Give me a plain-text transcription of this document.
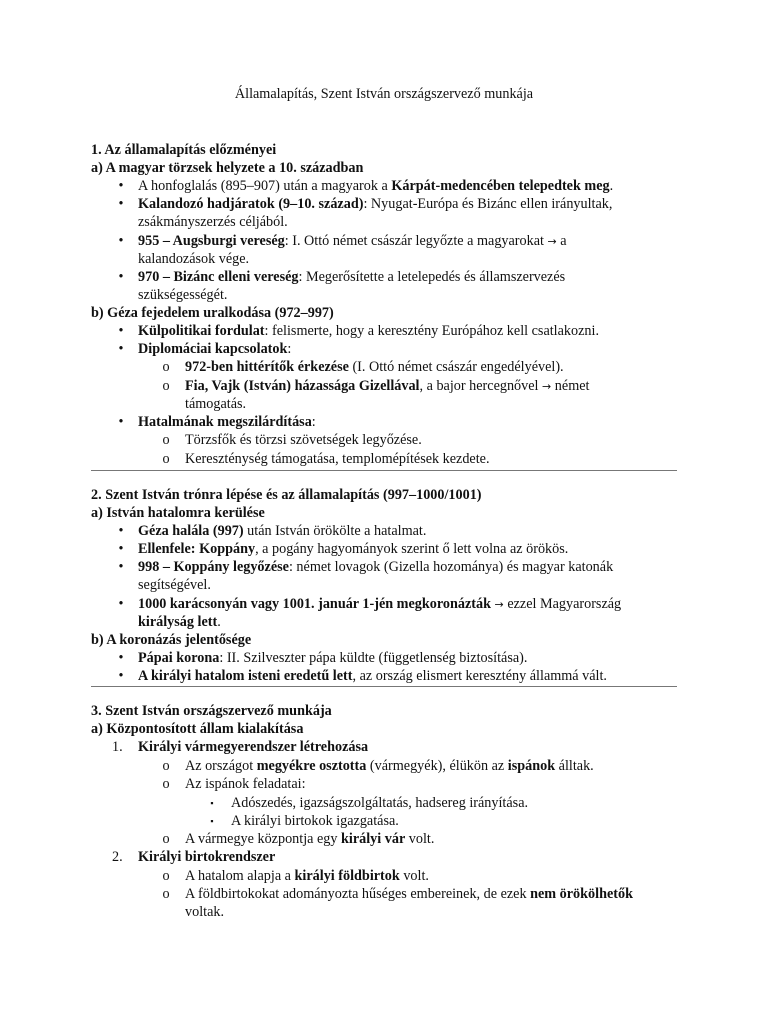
Államalapítás, Szent István országszervező munkája
1. Az államalapítás előzményei
a) A magyar törzsek helyzete a 10. században
• A honfoglalás (895–907) után a magyarok a Kárpát-medencében telepedtek meg.
• Kalandozó hadjáratok (9–10. század): Nyugat-Európa és Bizánc ellen irányultak,
zsákmányszerzés céljából.
• 955 – Augsburgi vereség: I. Ottó német császár legyőzte a magyarokat → a
kalandozások vége.
• 970 – Bizánc elleni vereség: Megerősítette a letelepedés és államszervezés
szükségességét.
b) Géza fejedelem uralkodása (972–997)
• Külpolitikai fordulat: felismerte, hogy a keresztény Európához kell csatlakozni.
• Diplomáciai kapcsolatok:
o 972-ben hittérítők érkezése (I. Ottó német császár engedélyével).
o Fia, Vajk (István) házassága Gizellával, a bajor hercegnővel → német
támogatás.
• Hatalmának megszilárdítása:
o Törzsfők és törzsi szövetségek legyőzése.
o Kereszténység támogatása, templomépítések kezdete.
2. Szent István trónra lépése és az államalapítás (997–1000/1001)
a) István hatalomra kerülése
• Géza halála (997) után István örökölte a hatalmat.
• Ellenfele: Koppány, a pogány hagyományok szerint ő lett volna az örökös.
• 998 – Koppány legyőzése: német lovagok (Gizella hozománya) és magyar katonák
segítségével.
• 1000 karácsonyán vagy 1001. január 1-jén megkoronázták → ezzel Magyarország
királyság lett.
b) A koronázás jelentősége
• Pápai korona: II. Szilveszter pápa küldte (függetlenség biztosítása).
• A királyi hatalom isteni eredetű lett, az ország elismert keresztény állammá vált.
3. Szent István országszervező munkája
a) Központosított állam kialakítása
1. Királyi vármegyerendszer létrehozása
o Az országot megyékre osztotta (vármegyék), élükön az ispánok álltak.
o Az ispánok feladatai:
▪ Adószedés, igazságszolgáltatás, hadsereg irányítása.
▪ A királyi birtokok igazgatása.
o A vármegye központja egy királyi vár volt.
2. Királyi birtokrendszer
o A hatalom alapja a királyi földbirtok volt.
o A földbirtokokat adományozta hűséges embereinek, de ezek nem örökölhetők
voltak.
